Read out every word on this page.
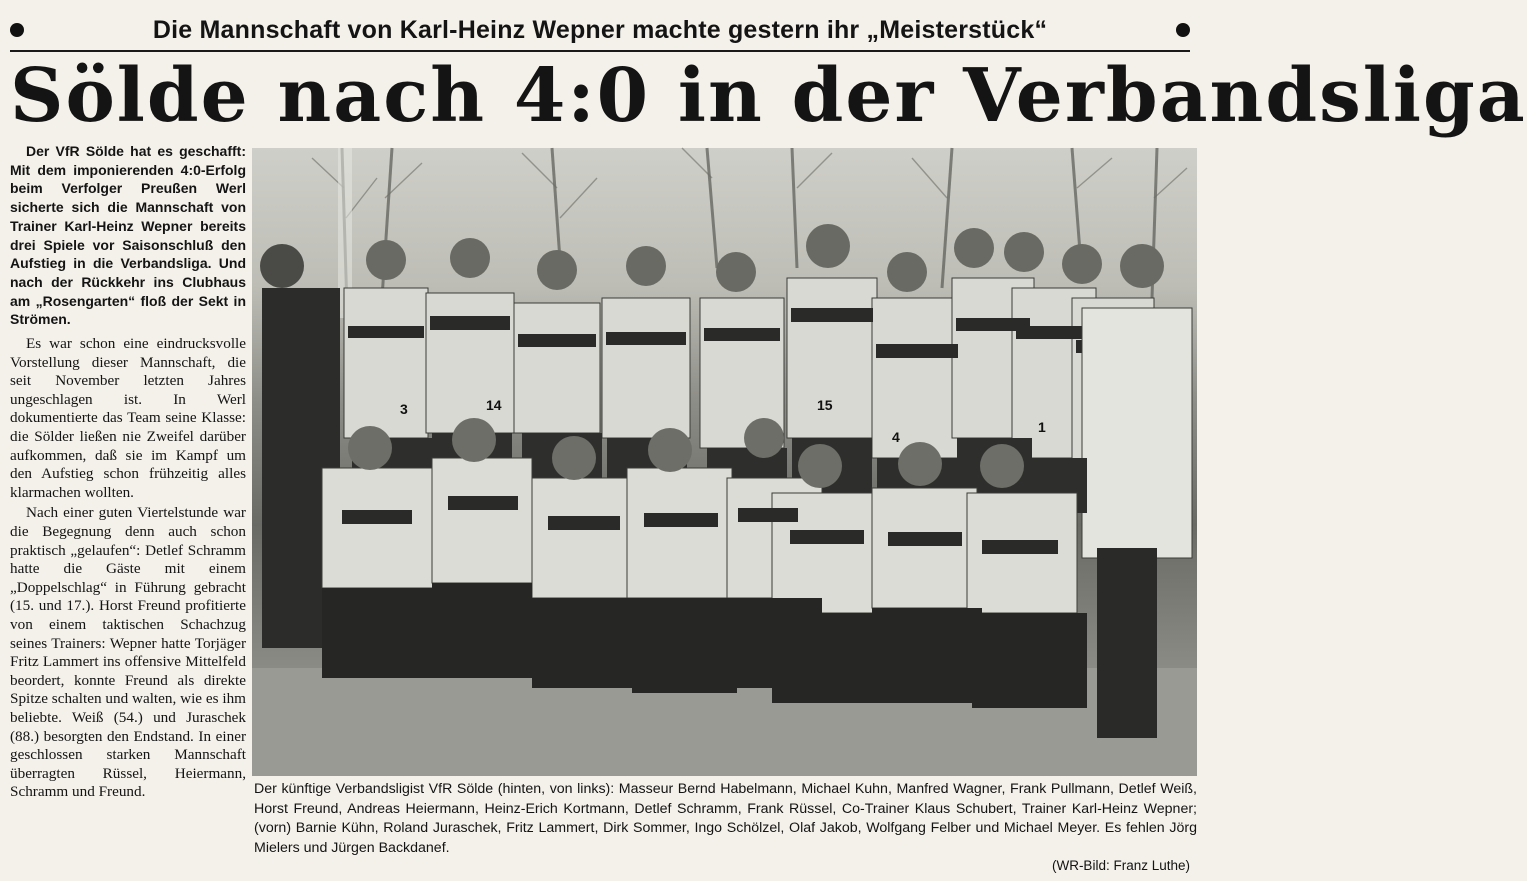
Die Mannschaft von Karl-Heinz Wepner machte gestern ihr „Meisterstück“
Sölde nach 4:0 in der Verbandsliga

Der VfR Sölde hat es geschafft: Mit dem imponierenden 4:0-Erfolg beim Verfolger Preußen Werl sicherte sich die Mannschaft von Trainer Karl-Heinz Wepner bereits drei Spiele vor Saisonschluß den Aufstieg in die Verbandsliga. Und nach der Rückkehr ins Clubhaus am „Rosengarten“ floß der Sekt in Strömen.

Es war schon eine eindrucksvolle Vorstellung dieser Mannschaft, die seit November letzten Jahres ungeschlagen ist. In Werl dokumentierte das Team seine Klasse: die Sölder ließen nie Zweifel darüber aufkommen, daß sie im Kampf um den Aufstieg schon frühzeitig alles klarmachen wollten.

Nach einer guten Viertelstunde war die Begegnung denn auch schon praktisch „gelaufen“: Detlef Schramm hatte die Gäste mit einem „Doppelschlag“ in Führung gebracht (15. und 17.). Horst Freund profitierte von einem taktischen Schachzug seines Trainers: Wepner hatte Torjäger Fritz Lammert ins offensive Mittelfeld beordert, konnte Freund als direkte Spitze schalten und walten, wie es ihm beliebte. Weiß (54.) und Juraschek (88.) besorgten den Endstand. In einer geschlossen starken Mannschaft überragten Rüssel, Heiermann, Schramm und Freund.

3	14	15
4
1
Der künftige Verbandsligist VfR Sölde (hinten, von links): Masseur Bernd Habelmann, Michael Kuhn, Manfred Wagner, Frank Pullmann, Detlef Weiß, Horst Freund, Andreas Heiermann, Heinz-Erich Kortmann, Detlef Schramm, Frank Rüssel, Co-Trainer Klaus Schubert, Trainer Karl-Heinz Wepner; (vorn) Barnie Kühn, Roland Juraschek, Fritz Lammert, Dirk Sommer, Ingo Schölzel, Olaf Jakob, Wolfgang Felber und Michael Meyer. Es fehlen Jörg Mielers und Jürgen Backdanef.
(WR-Bild: Franz Luthe)
